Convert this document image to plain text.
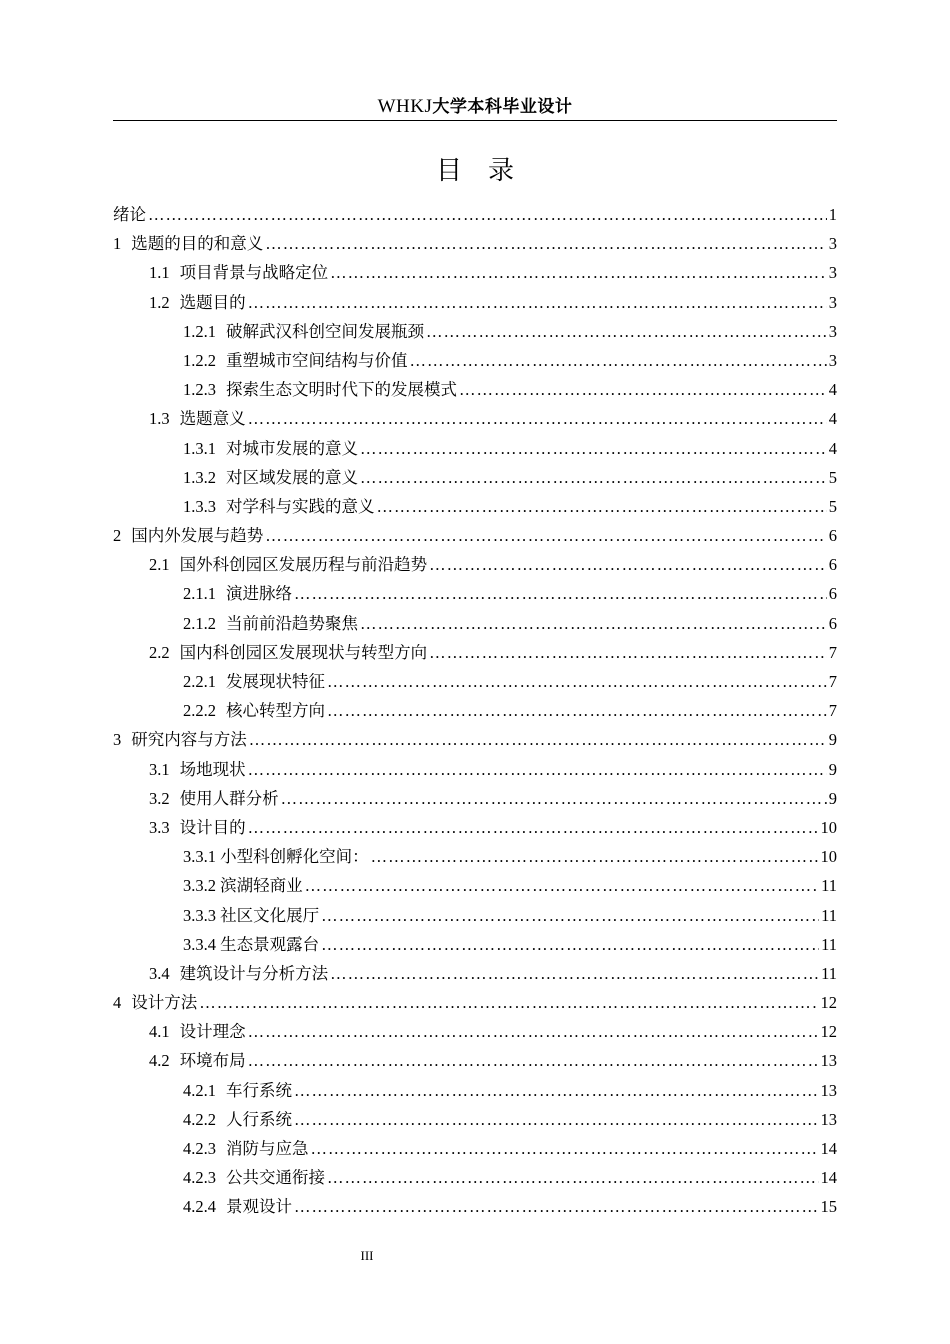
WHKJ大学本科毕业设计
目录
绪论 ……………………………………………………………………………………………………………………………………………………………………………………………………………	1
1 选题的目的和意义 ……………………………………………………………………………………………………………………………………………………………………………………………………………	3
1.1 项目背景与战略定位 ……………………………………………………………………………………………………………………………………………………………………………………………………………	3
1.2 选题目的 ……………………………………………………………………………………………………………………………………………………………………………………………………………	3
1.2.1 破解武汉科创空间发展瓶颈 ……………………………………………………………………………………………………………………………………………………………………………………………………………	3
1.2.2 重塑城市空间结构与价值 ……………………………………………………………………………………………………………………………………………………………………………………………………………	3
1.2.3 探索生态文明时代下的发展模式 ……………………………………………………………………………………………………………………………………………………………………………………………………………	4
1.3 选题意义 ……………………………………………………………………………………………………………………………………………………………………………………………………………	4
1.3.1 对城市发展的意义 ……………………………………………………………………………………………………………………………………………………………………………………………………………	4
1.3.2 对区域发展的意义 ……………………………………………………………………………………………………………………………………………………………………………………………………………	5
1.3.3 对学科与实践的意义 ……………………………………………………………………………………………………………………………………………………………………………………………………………	5
2 国内外发展与趋势 ……………………………………………………………………………………………………………………………………………………………………………………………………………	6
2.1 国外科创园区发展历程与前沿趋势 ……………………………………………………………………………………………………………………………………………………………………………………………………………	6
2.1.1 演进脉络 ……………………………………………………………………………………………………………………………………………………………………………………………………………	6
2.1.2 当前前沿趋势聚焦 ……………………………………………………………………………………………………………………………………………………………………………………………………………	6
2.2 国内科创园区发展现状与转型方向 ……………………………………………………………………………………………………………………………………………………………………………………………………………	7
2.2.1 发展现状特征 ……………………………………………………………………………………………………………………………………………………………………………………………………………	7
2.2.2 核心转型方向 ……………………………………………………………………………………………………………………………………………………………………………………………………………	7
3 研究内容与方法 ……………………………………………………………………………………………………………………………………………………………………………………………………………	9
3.1 场地现状 ……………………………………………………………………………………………………………………………………………………………………………………………………………	9
3.2 使用人群分析 ……………………………………………………………………………………………………………………………………………………………………………………………………………	9
3.3 设计目的 ……………………………………………………………………………………………………………………………………………………………………………………………………………	10
3.3.1 小型科创孵化空间： ……………………………………………………………………………………………………………………………………………………………………………………………………………	10
3.3.2 滨湖轻商业 ……………………………………………………………………………………………………………………………………………………………………………………………………………	11
3.3.3 社区文化展厅 ……………………………………………………………………………………………………………………………………………………………………………………………………………	11
3.3.4 生态景观露台 ……………………………………………………………………………………………………………………………………………………………………………………………………………	11
3.4 建筑设计与分析方法 ……………………………………………………………………………………………………………………………………………………………………………………………………………	11
4 设计方法 ……………………………………………………………………………………………………………………………………………………………………………………………………………	12
4.1 设计理念 ……………………………………………………………………………………………………………………………………………………………………………………………………………	12
4.2 环境布局 ……………………………………………………………………………………………………………………………………………………………………………………………………………	13
4.2.1 车行系统 ……………………………………………………………………………………………………………………………………………………………………………………………………………	13
4.2.2 人行系统 ……………………………………………………………………………………………………………………………………………………………………………………………………………	13
4.2.3 消防与应急 ……………………………………………………………………………………………………………………………………………………………………………………………………………	14
4.2.3 公共交通衔接 ……………………………………………………………………………………………………………………………………………………………………………………………………………	14
4.2.4 景观设计 ……………………………………………………………………………………………………………………………………………………………………………………………………………	15
III
